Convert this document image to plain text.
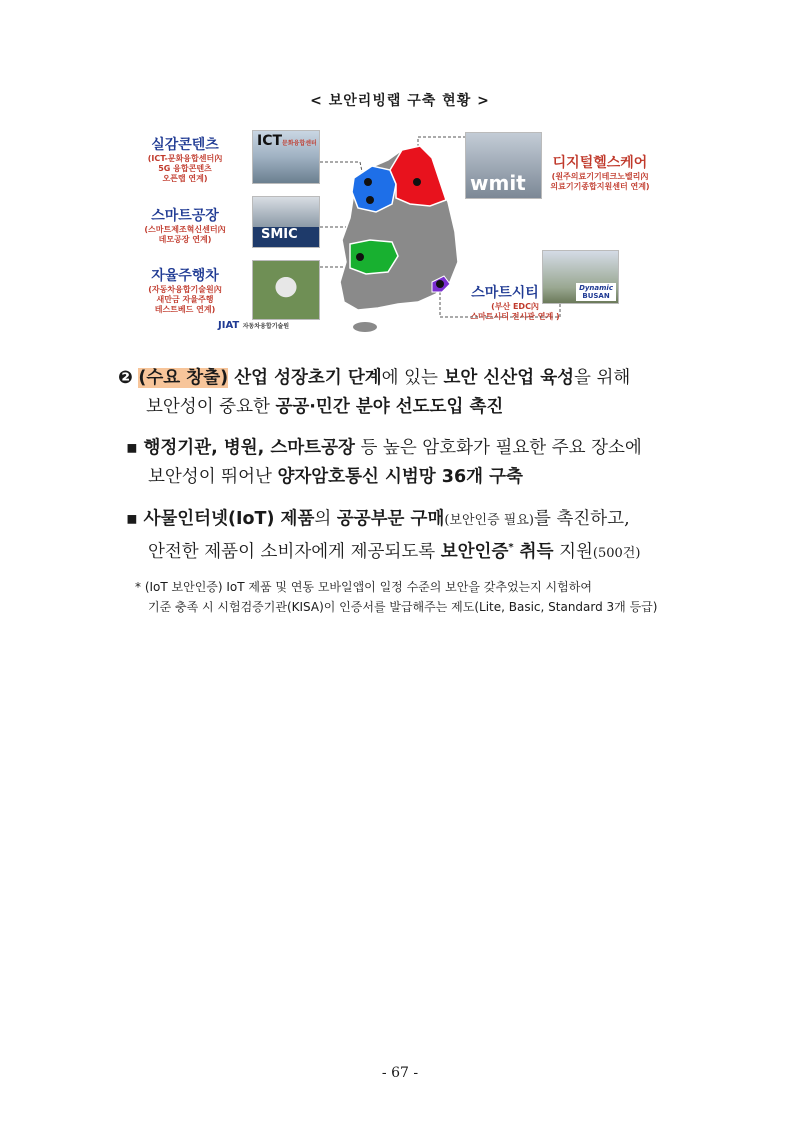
< 보안리빙랩 구축 현황 >
실감콘텐츠
(ICT-문화융합센터內
5G 융합콘텐츠
오픈랩 연계)
ICT문화융합센터
스마트공장
(스마트제조혁신센터內
데모공장 연계)	SMIC
자율주행차
(자동차융합기술원內
새만금 자율주행
테스트베드 연계)
JIAT 자동차융합기술원
wmit
디지털헬스케어
(원주의료기기테크노밸리內
의료기기종합지원센터 연계)
Dynamic
BUSAN
스마트시티
(부산 EDC內
스마트시티 전시관 연계 )
❷ (수요 창출) 산업 성장초기 단계에 있는 보안 신산업 육성을 위해
보안성이 중요한 공공·민간 분야 선도도입 촉진
▪ 행정기관, 병원, 스마트공장 등 높은 암호화가 필요한 주요 장소에
보안성이 뛰어난 양자암호통신 시범망 36개 구축
▪ 사물인터넷(IoT) 제품의 공공부문 구매(보안인증 필요)를 촉진하고,
안전한 제품이 소비자에게 제공되도록 보안인증* 취득 지원(500건)
* (IoT 보안인증) IoT 제품 및 연동 모바일앱이 일정 수준의 보안을 갖추었는지 시험하여
기준 충족 시 시험검증기관(KISA)이 인증서를 발급해주는 제도(Lite, Basic, Standard 3개 등급)
- 67 -
